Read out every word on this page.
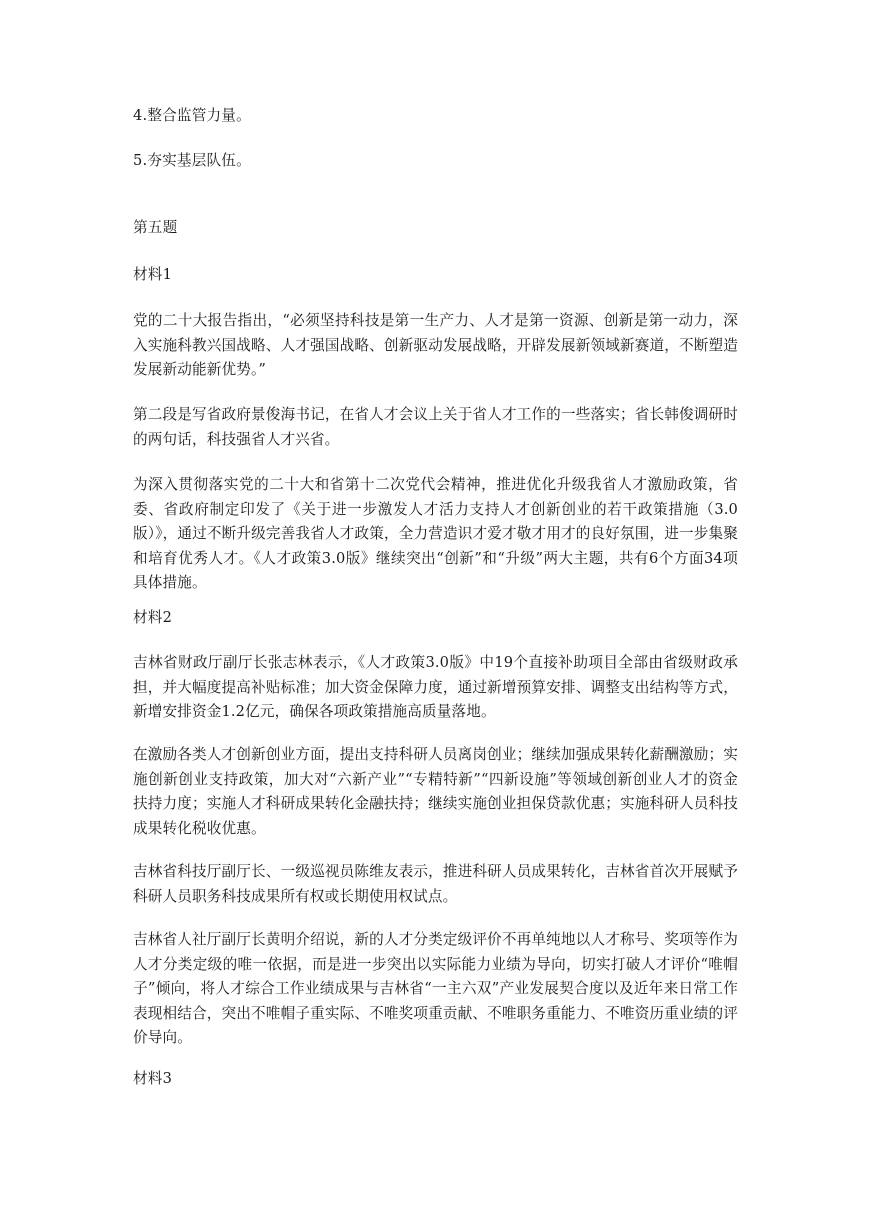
4.整合监管力量。
5.夯实基层队伍。
第五题
材料1
党的二十大报告指出，“必须坚持科技是第一生产力、人才是第一资源、创新是第一动力，深入实施科教兴国战略、人才强国战略、创新驱动发展战略，开辟发展新领域新赛道，不断塑造发展新动能新优势。”
第二段是写省政府景俊海书记，在省人才会议上关于省人才工作的一些落实；省长韩俊调研时的两句话，科技强省人才兴省。
为深入贯彻落实党的二十大和省第十二次党代会精神，推进优化升级我省人才激励政策，省委、省政府制定印发了《关于进一步激发人才活力支持人才创新创业的若干政策措施（3.0版）》，通过不断升级完善我省人才政策，全力营造识才爱才敬才用才的良好氛围，进一步集聚和培育优秀人才。《人才政策3.0版》继续突出“创新”和“升级”两大主题，共有6个方面34项具体措施。
材料2
吉林省财政厅副厅长张志林表示，《人才政策3.0版》中19个直接补助项目全部由省级财政承担，并大幅度提高补贴标准；加大资金保障力度，通过新增预算安排、调整支出结构等方式，新增安排资金1.2亿元，确保各项政策措施高质量落地。
在激励各类人才创新创业方面，提出支持科研人员离岗创业；继续加强成果转化薪酬激励；实施创新创业支持政策，加大对“六新产业”“专精特新”“四新设施”等领域创新创业人才的资金扶持力度；实施人才科研成果转化金融扶持；继续实施创业担保贷款优惠；实施科研人员科技成果转化税收优惠。
吉林省科技厅副厅长、一级巡视员陈维友表示，推进科研人员成果转化，吉林省首次开展赋予科研人员职务科技成果所有权或长期使用权试点。
吉林省人社厅副厅长黄明介绍说，新的人才分类定级评价不再单纯地以人才称号、奖项等作为人才分类定级的唯一依据，而是进一步突出以实际能力业绩为导向，切实打破人才评价“唯帽子”倾向，将人才综合工作业绩成果与吉林省“一主六双”产业发展契合度以及近年来日常工作表现相结合，突出不唯帽子重实际、不唯奖项重贡献、不唯职务重能力、不唯资历重业绩的评价导向。
材料3
